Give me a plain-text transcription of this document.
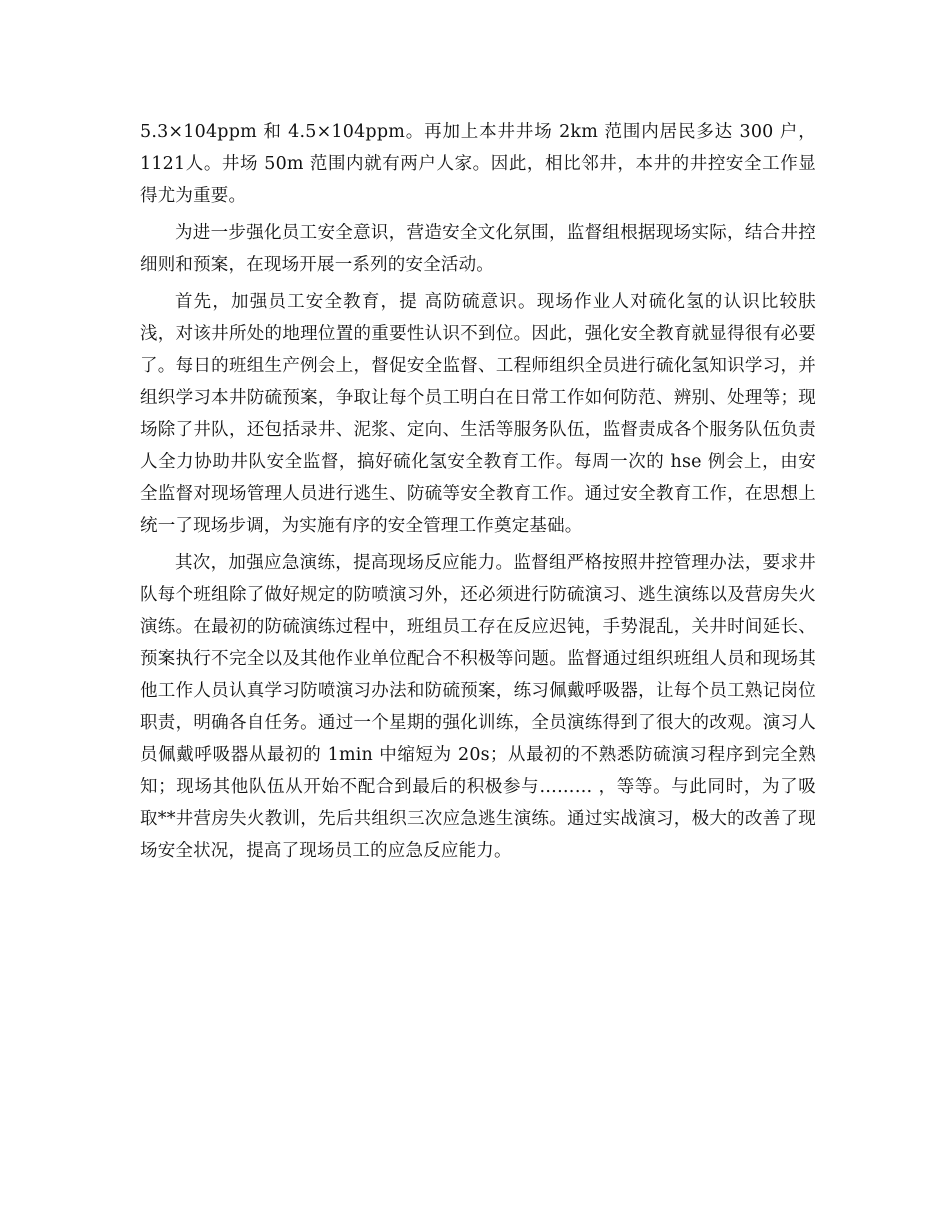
5.3×104ppm 和 4.5×104ppm。再加上本井井场 2km 范围内居民多达 300 户，1121人。井场 50m 范围内就有两户人家。因此，相比邻井，本井的井控安全工作显得尤为重要。

为进一步强化员工安全意识，营造安全文化氛围，监督组根据现场实际，结合井控细则和预案，在现场开展一系列的安全活动。

首先，加强员工安全教育，提 高防硫意识。现场作业人对硫化氢的认识比较肤浅，对该井所处的地理位置的重要性认识不到位。因此，强化安全教育就显得很有必要了。每日的班组生产例会上，督促安全监督、工程师组织全员进行硫化氢知识学习，并组织学习本井防硫预案，争取让每个员工明白在日常工作如何防范、辨别、处理等；现场除了井队，还包括录井、泥浆、定向、生活等服务队伍，监督责成各个服务队伍负责人全力协助井队安全监督，搞好硫化氢安全教育工作。每周一次的 hse 例会上，由安全监督对现场管理人员进行逃生、防硫等安全教育工作。通过安全教育工作，在思想上统一了现场步调，为实施有序的安全管理工作奠定基础。

其次，加强应急演练，提高现场反应能力。监督组严格按照井控管理办法，要求井队每个班组除了做好规定的防喷演习外，还必须进行防硫演习、逃生演练以及营房失火演练。在最初的防硫演练过程中，班组员工存在反应迟钝，手势混乱，关井时间延长、预案执行不完全以及其他作业单位配合不积极等问题。监督通过组织班组人员和现场其他工作人员认真学习防喷演习办法和防硫预案，练习佩戴呼吸器，让每个员工熟记岗位职责，明确各自任务。通过一个星期的强化训练，全员演练得到了很大的改观。演习人员佩戴呼吸器从最初的 1min 中缩短为 20s；从最初的不熟悉防硫演习程序到完全熟知；现场其他队伍从开始不配合到最后的积极参与……… ，等等。与此同时，为了吸取**井营房失火教训，先后共组织三次应急逃生演练。通过实战演习，极大的改善了现场安全状况，提高了现场员工的应急反应能力。
